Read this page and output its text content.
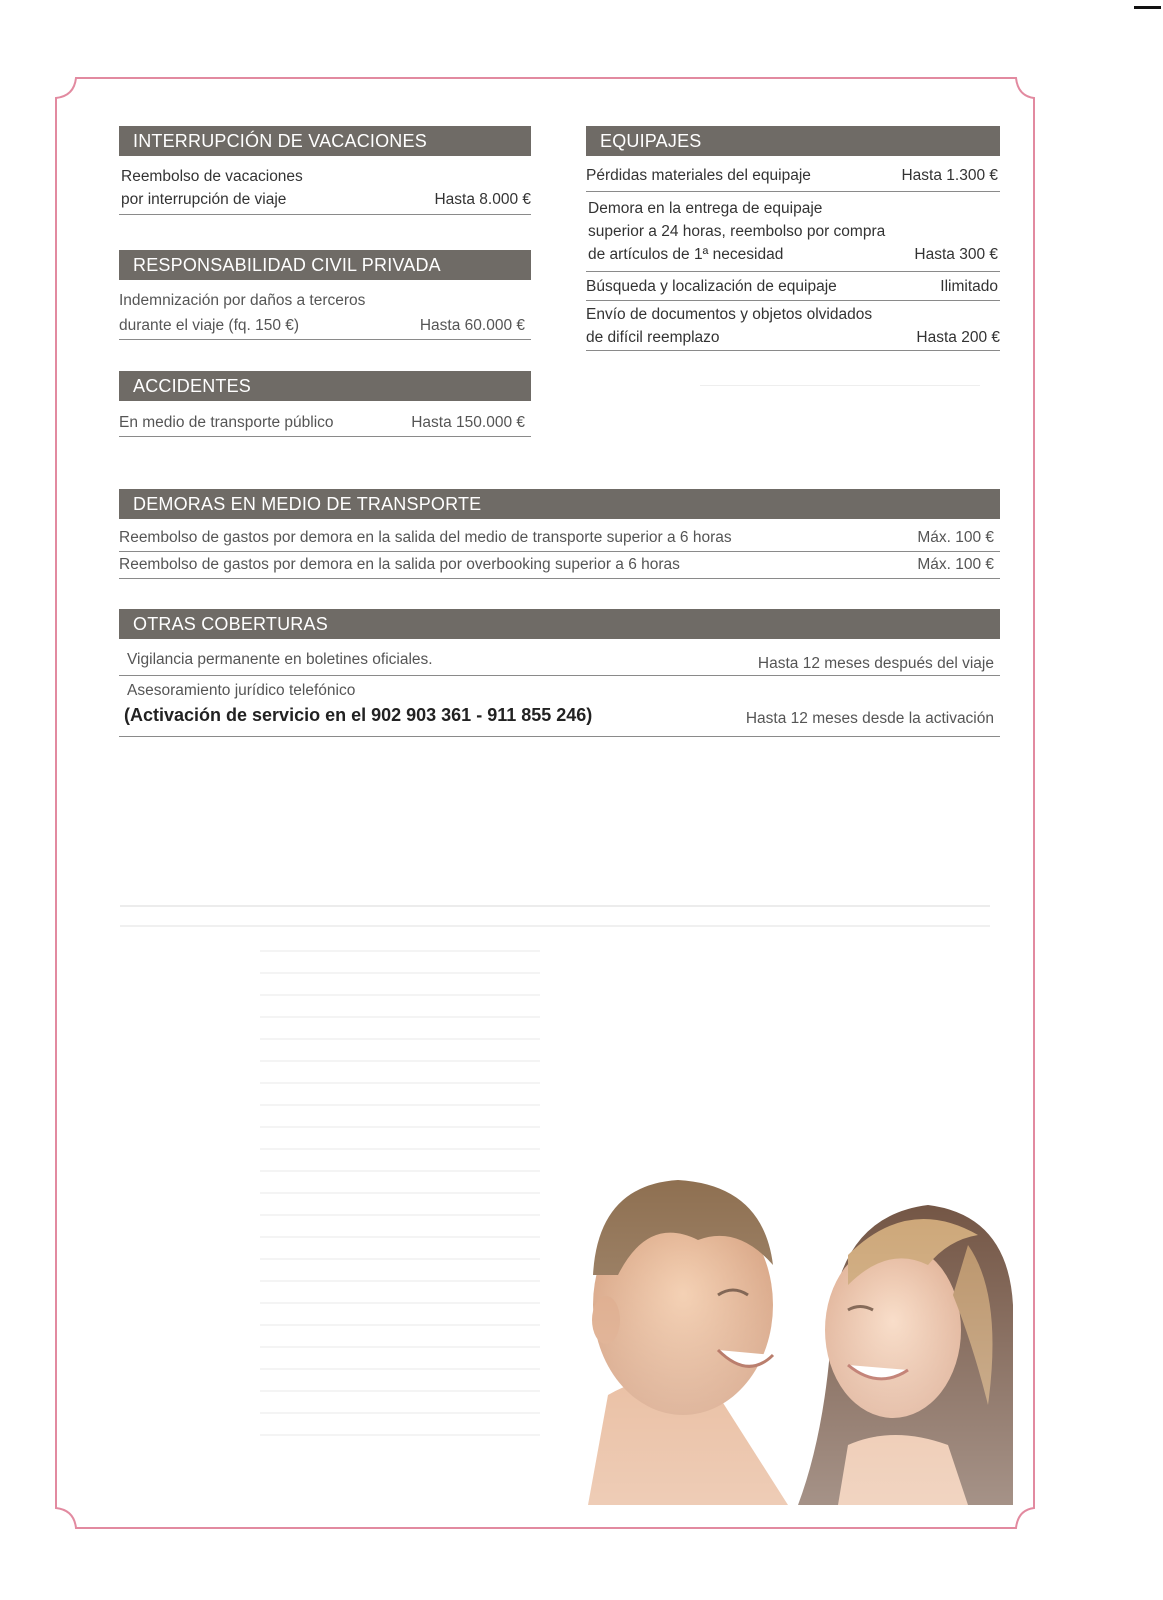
INTERRUPCIÓN DE VACACIONES
Reembolso de vacaciones
por interrupción de viaje	Hasta 8.000 €
RESPONSABILIDAD CIVIL PRIVADA
Indemnización por daños a terceros
durante el viaje (fq. 150 €)	Hasta 60.000 €
ACCIDENTES
En medio de transporte público	Hasta 150.000 €
EQUIPAJES
Pérdidas materiales del equipaje	Hasta 1.300 €
Demora en la entrega de equipaje
superior a 24 horas, reembolso por compra
de artículos de 1ª necesidad	Hasta 300 €
Búsqueda y localización de equipaje	Ilimitado
Envío de documentos y objetos olvidados
de difícil reemplazo	Hasta 200 €
DEMORAS EN MEDIO DE TRANSPORTE
Reembolso de gastos por demora en la salida del medio de transporte superior a 6 horas	Máx. 100 €
Reembolso de gastos por demora en la salida por overbooking superior a 6 horas	Máx. 100 €
OTRAS COBERTURAS
Vigilancia permanente en boletines oficiales.	Hasta 12 meses después del viaje
Asesoramiento jurídico telefónico
(Activación de servicio en el 902 903 361 - 911 855 246)	Hasta 12 meses desde la activación
